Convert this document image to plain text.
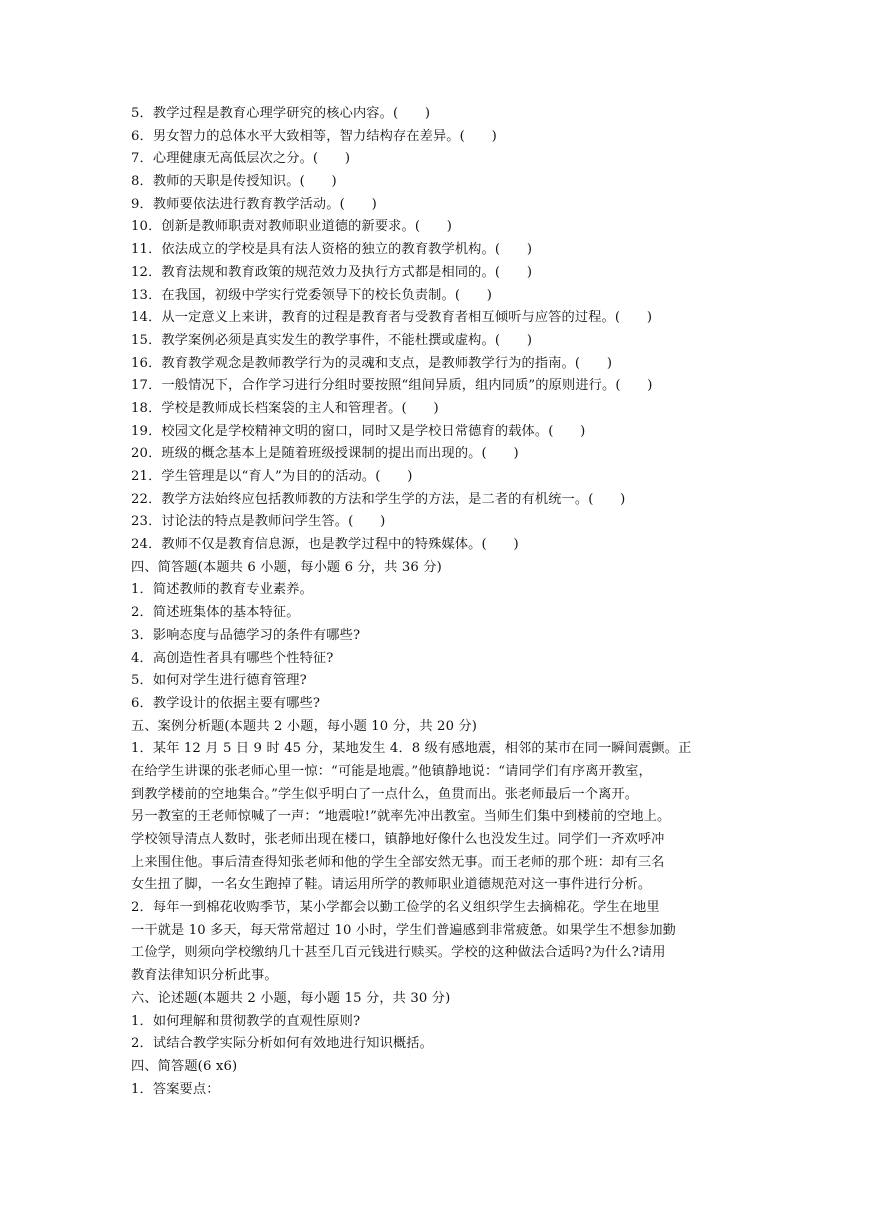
5．教学过程是教育心理学研究的核心内容。(　　)
6．男女智力的总体水平大致相等，智力结构存在差异。(　　)
7．心理健康无高低层次之分。(　　)
8．教师的天职是传授知识。(　　)
9．教师要依法进行教育教学活动。(　　)
10．创新是教师职责对教师职业道德的新要求。(　　)
11．依法成立的学校是具有法人资格的独立的教育教学机构。(　　)
12．教育法规和教育政策的规范效力及执行方式都是相同的。(　　)
13．在我国，初级中学实行党委领导下的校长负责制。(　　)
14．从一定意义上来讲，教育的过程是教育者与受教育者相互倾听与应答的过程。(　　)
15．教学案例必须是真实发生的教学事件，不能杜撰或虚构。(　　)
16．教育教学观念是教师教学行为的灵魂和支点，是教师教学行为的指南。(　　)
17．一般情况下，合作学习进行分组时要按照“组间异质，组内同质”的原则进行。(　　)
18．学校是教师成长档案袋的主人和管理者。(　　)
19．校园文化是学校精神文明的窗口，同时又是学校日常德育的载体。(　　)
20．班级的概念基本上是随着班级授课制的提出而出现的。(　　)
21．学生管理是以“育人”为目的的活动。(　　)
22．教学方法始终应包括教师教的方法和学生学的方法，是二者的有机统一。(　　)
23．讨论法的特点是教师问学生答。(　　)
24．教师不仅是教育信息源，也是教学过程中的特殊媒体。(　　)
四、简答题(本题共 6 小题，每小题 6 分，共 36 分)
1．简述教师的教育专业素养。
2．简述班集体的基本特征。
3．影响态度与品德学习的条件有哪些?
4．高创造性者具有哪些个性特征?
5．如何对学生进行德育管理?
6．教学设计的依据主要有哪些?
五、案例分析题(本题共 2 小题，每小题 10 分，共 20 分)
1．某年 12 月 5 日 9 时 45 分，某地发生 4．8 级有感地震，相邻的某市在同一瞬间震颤。正
在给学生讲课的张老师心里一惊：“可能是地震。”他镇静地说：“请同学们有序离开教室，
到教学楼前的空地集合。”学生似乎明白了一点什么，鱼贯而出。张老师最后一个离开。
另一教室的王老师惊喊了一声：“地震啦!”就率先冲出教室。当师生们集中到楼前的空地上。
学校领导清点人数时，张老师出现在楼口，镇静地好像什么也没发生过。同学们一齐欢呼冲
上来围住他。事后清查得知张老师和他的学生全部安然无事。而王老师的那个班：却有三名
女生扭了脚，一名女生跑掉了鞋。请运用所学的教师职业道德规范对这一事件进行分析。
2．每年一到棉花收购季节，某小学都会以勤工俭学的名义组织学生去摘棉花。学生在地里
一干就是 10 多天，每天常常超过 10 小时，学生们普遍感到非常疲惫。如果学生不想参加勤
工俭学，则须向学校缴纳几十甚至几百元钱进行赎买。学校的这种做法合适吗?为什么?请用
教育法律知识分析此事。
六、论述题(本题共 2 小题，每小题 15 分，共 30 分)
1．如何理解和贯彻教学的直观性原则?
2．试结合教学实际分析如何有效地进行知识概括。
四、简答题(6 x6)
1．答案要点：
